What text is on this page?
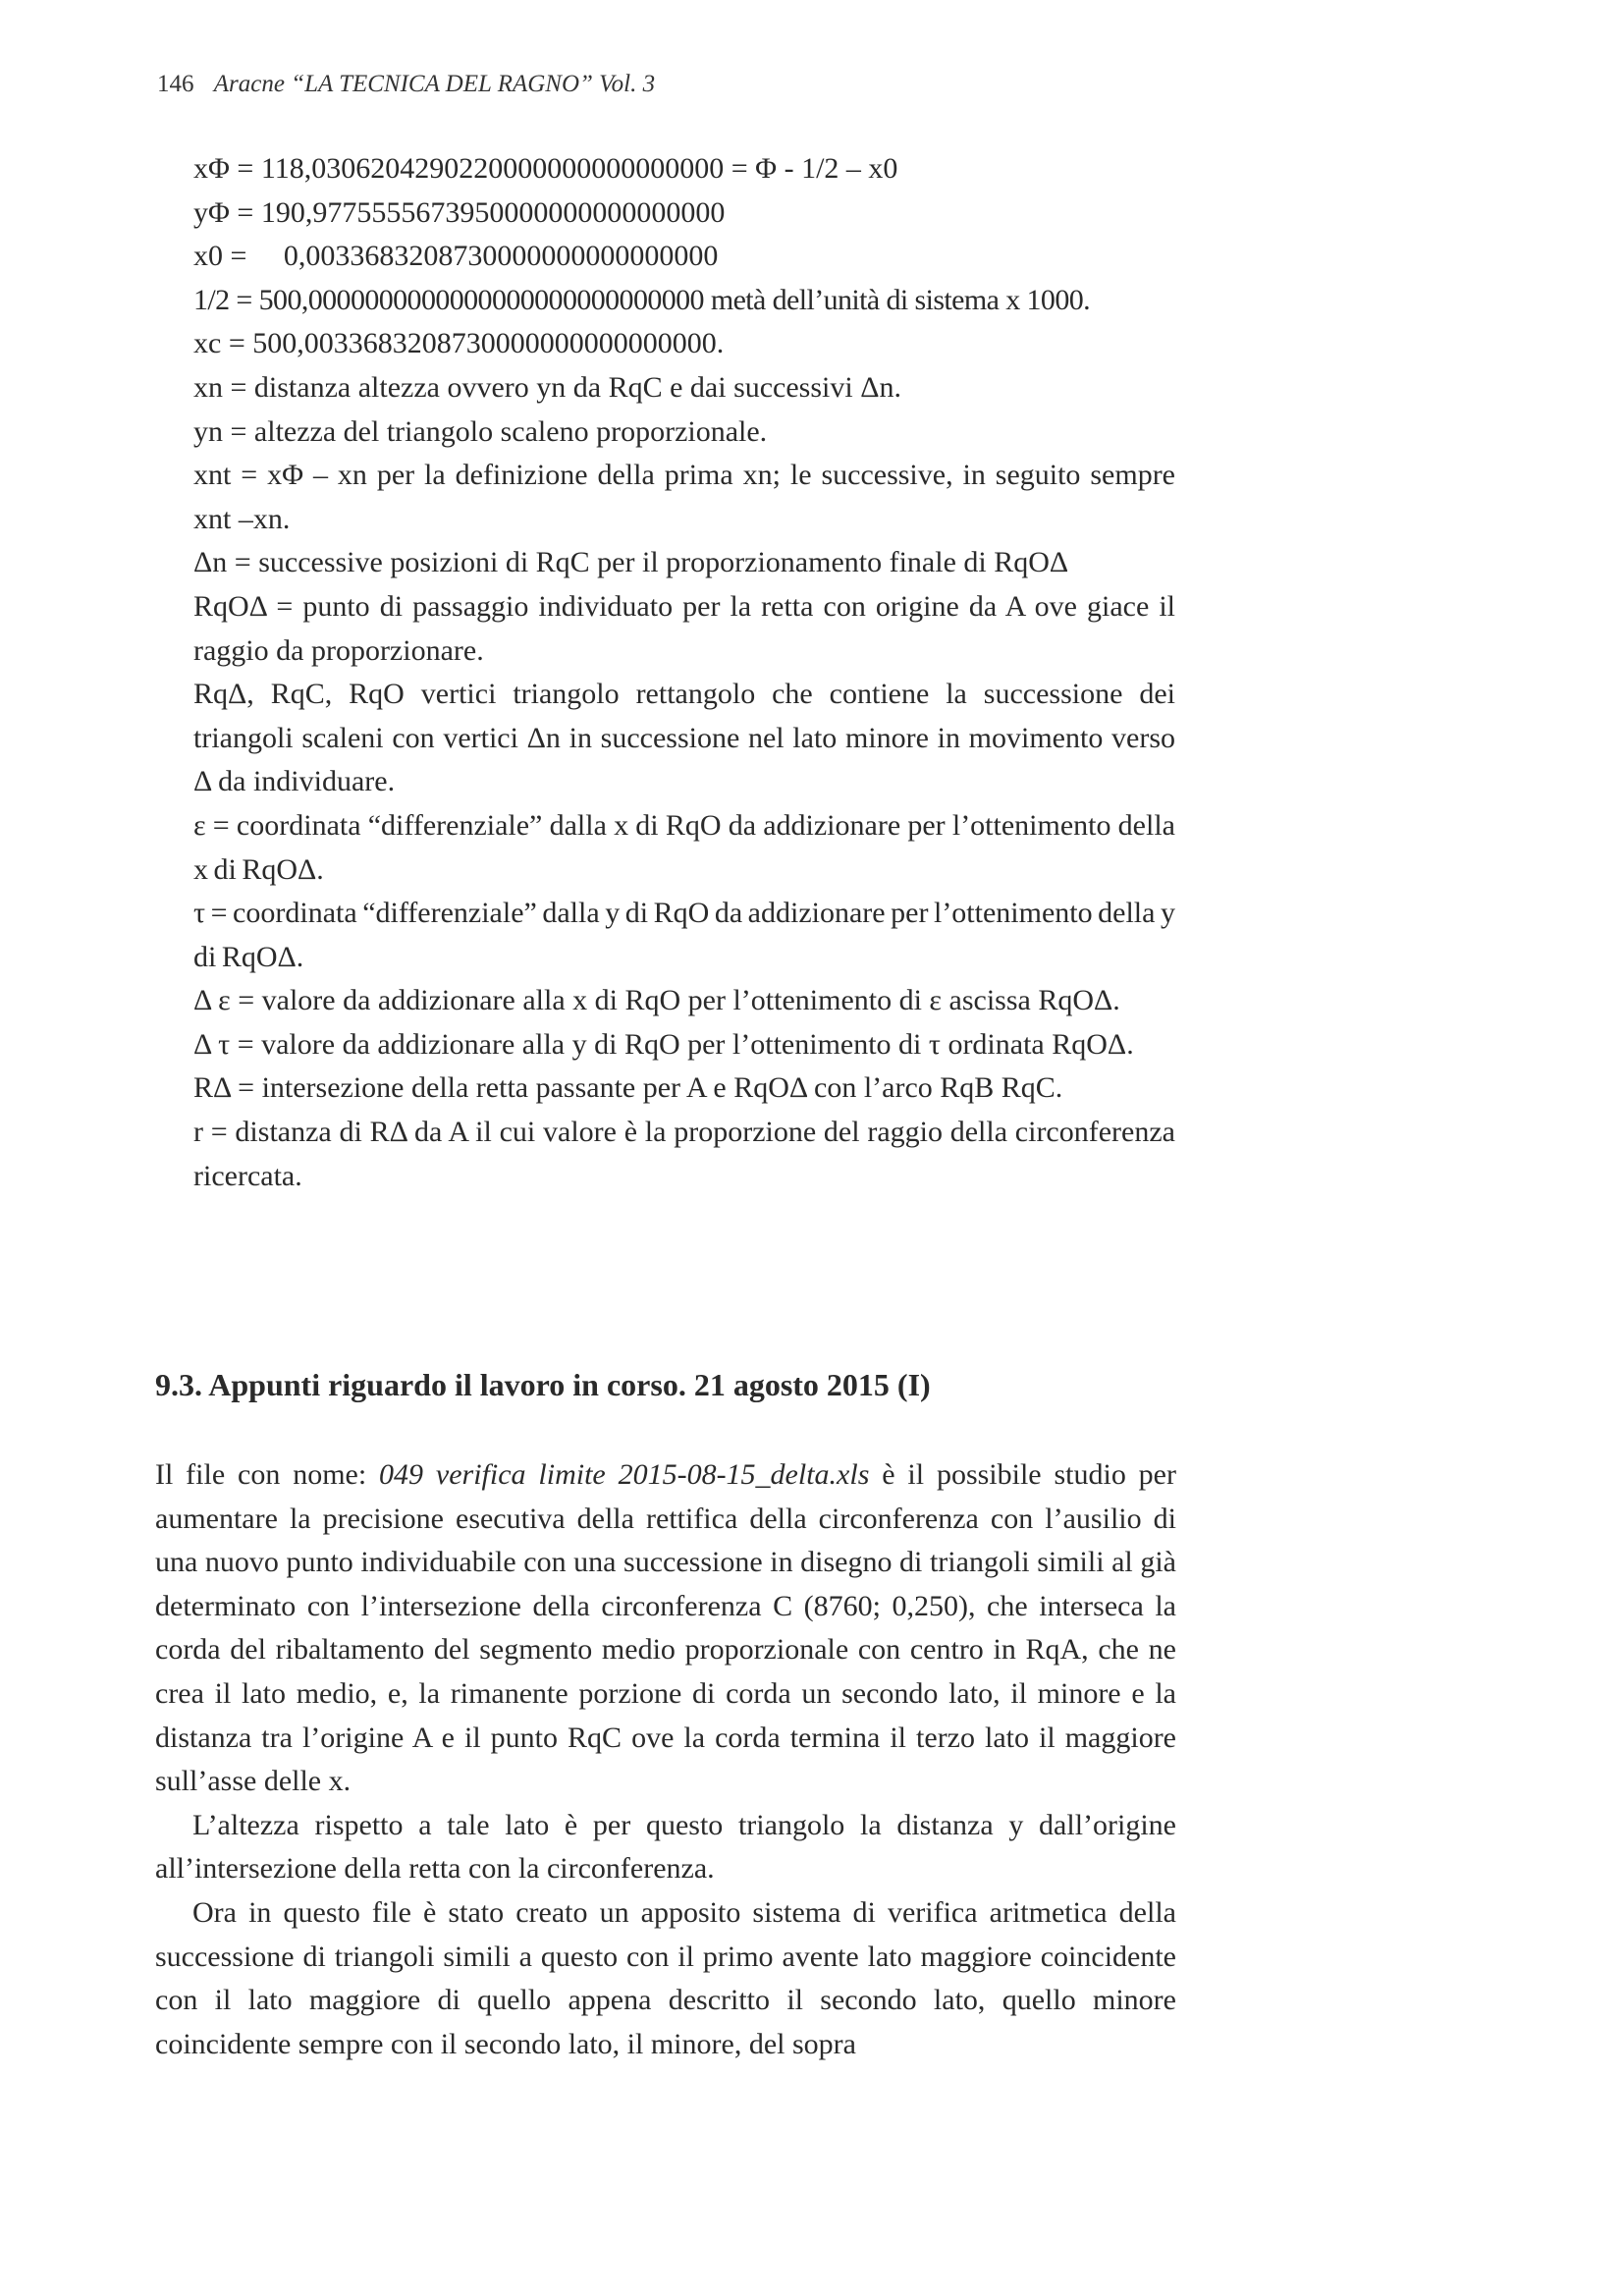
146 Aracne “LA TECNICA DEL RAGNO” Vol. 3

xΦ = 118,0306204290220000000000000000 = Φ - 1/2 – x0

yΦ = 190,9775555673950000000000000000

x0 =     0,0033683208730000000000000000

1/2 = 500,0000000000000000000000000000 metà dell’unità di sistema x 1000.

xc = 500,0033683208730000000000000000.

xn = distanza altezza ovvero yn da RqC e dai successivi Δn.

yn = altezza del triangolo scaleno proporzionale.

xnt = xΦ – xn per la definizione della prima xn; le successive, in seguito sempre xnt –xn.

Δn = successive posizioni di RqC per il proporzionamento finale di RqOΔ

RqOΔ = punto di passaggio individuato per la retta con origine da A ove giace il raggio da proporzionare.

RqΔ, RqC, RqO vertici triangolo rettangolo che contiene la successione dei triangoli scaleni con vertici Δn in successione nel lato minore in movimento verso Δ da individuare.

ε = coordinata “differenziale” dalla x di RqO da addizionare per l’ottenimento della x di RqOΔ.

τ = coordinata “differenziale” dalla y di RqO da addizionare per l’ottenimento della y di RqOΔ.

Δ ε = valore da addizionare alla x di RqO per l’ottenimento di ε ascissa RqOΔ.

Δ τ = valore da addizionare alla y di RqO per l’ottenimento di τ ordinata RqOΔ.

RΔ = intersezione della retta passante per A e RqOΔ con l’arco RqB RqC.

r = distanza di RΔ da A il cui valore è la proporzione del raggio della circonferenza ricercata.

9.3. Appunti riguardo il lavoro in corso. 21 agosto 2015 (I)

Il file con nome: 049 verifica limite 2015-08-15_delta.xls è il possibile studio per aumentare la precisione esecutiva della rettifica della circonferenza con l’ausilio di una nuovo punto individuabile con una successione in disegno di triangoli simili al già determinato con l’intersezione della circonferenza C (8760; 0,250), che interseca la corda del ribaltamento del segmento medio proporzionale con centro in RqA, che ne crea il lato medio, e, la rimanente porzione di corda un secondo lato, il minore e la distanza tra l’origine A e il punto RqC ove la corda termina il terzo lato il maggiore sull’asse delle x.

L’altezza rispetto a tale lato è per questo triangolo la distanza y dall’origine all’intersezione della retta con la circonferenza.

Ora in questo file è stato creato un apposito sistema di verifica aritmetica della successione di triangoli simili a questo con il primo avente lato maggiore coincidente con il lato maggiore di quello appena descritto il secondo lato, quello minore coincidente sempre con il secondo lato, il minore, del sopra
